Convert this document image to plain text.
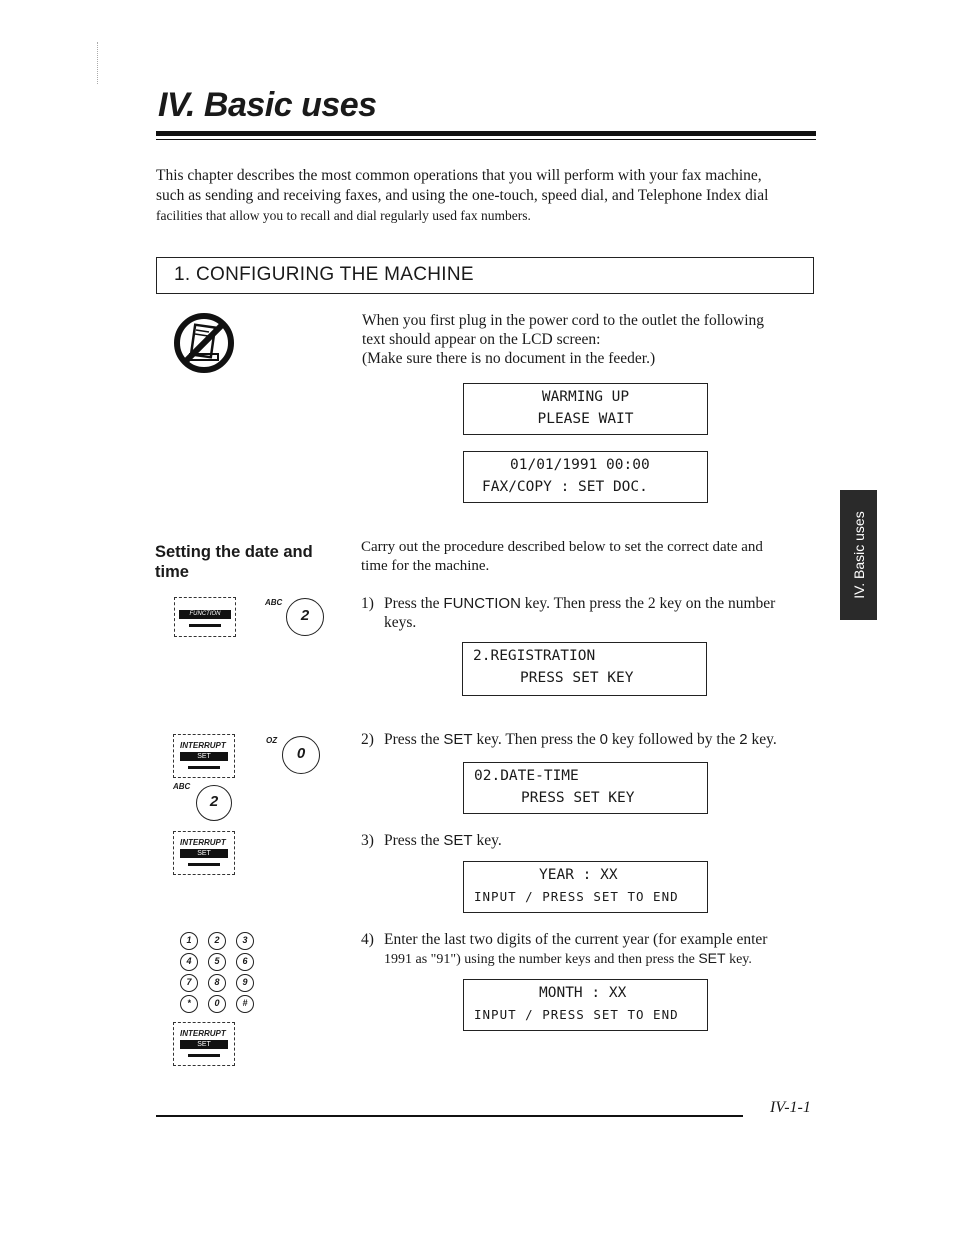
IV. Basic uses
This chapter describes the most common operations that you will perform with your fax machine,
such as sending and receiving faxes, and using the one-touch, speed dial, and Telephone Index dial
facilities that allow you to recall and dial regularly used fax numbers.
1. CONFIGURING THE MACHINE
When you first plug in the power cord to the outlet the following
text should appear on the LCD screen:
(Make sure there is no document in the feeder.)
WARMING UP
PLEASE WAIT
01/01/1991 00:00
FAX/COPY : SET DOC.
IV. Basic uses
Setting the date and
time
Carry out the procedure described below to set the correct date and
time for the machine.
FUNCTION
ABC
2
1) Press the FUNCTION key. Then press the 2 key on the number
keys.
2.REGISTRATION
PRESS SET KEY
INTERRUPT
SET
OZ
0
ABC
2
2) Press the SET key. Then press the 0 key followed by the 2 key.
02.DATE-TIME
PRESS SET KEY
INTERRUPT
SET
3) Press the SET key.
YEAR : XX
INPUT / PRESS SET TO END
1	2	3
4	5	6
7	8	9
*	0	#
INTERRUPT
SET
4) Enter the last two digits of the current year (for example enter
1991 as "91") using the number keys and then press the SET key.
MONTH : XX
INPUT / PRESS SET TO END
IV-1-1
